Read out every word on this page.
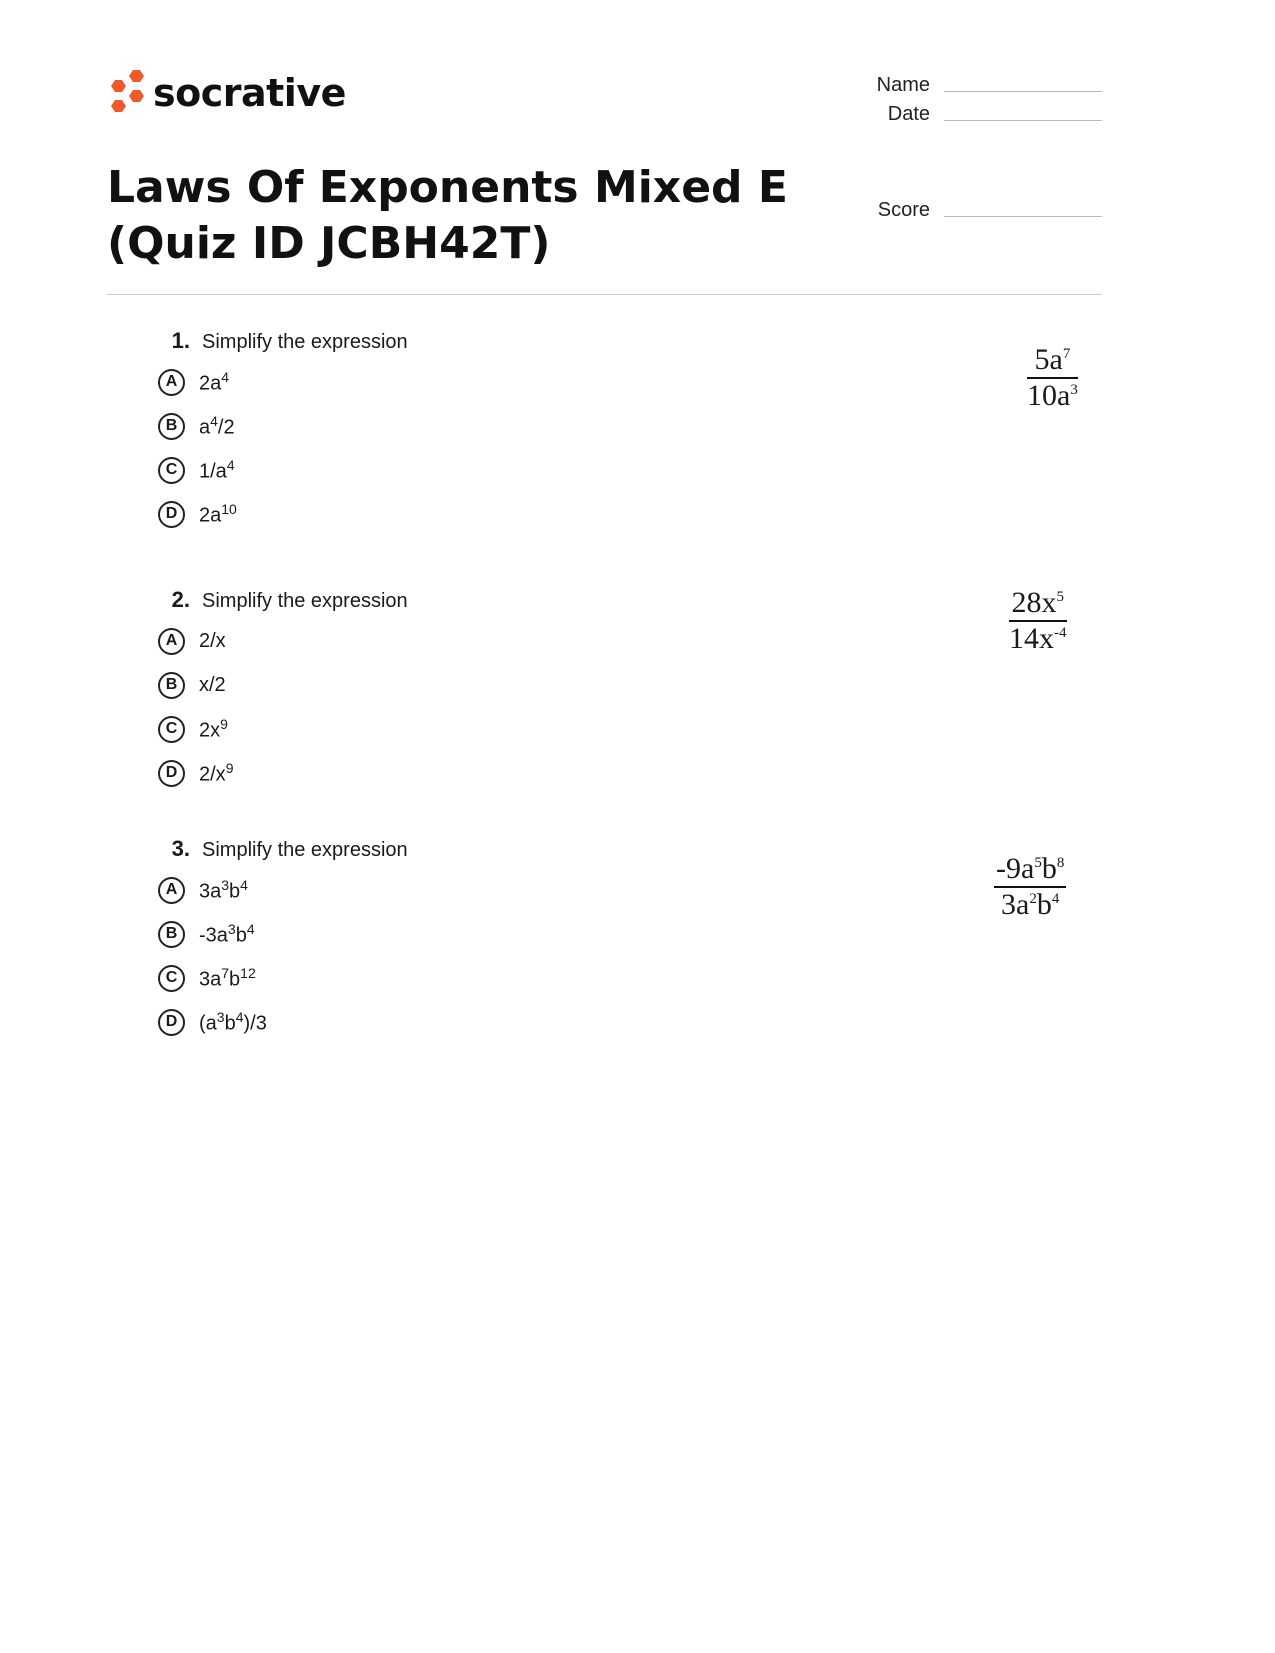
socrative	Name
Date
Score
Laws Of Exponents Mixed E
(Quiz ID JCBH42T)
1. Simplify the expression
A	$2a^4$
B	$a^4/2$
C	$1/a^4$
D	$2a^{10}$
$\frac{5a^7}{10a^3}$
2. Simplify the expression
A	2/x
B	x/2
C	$2x^9$
D	$2/x^9$
$\frac{28x^5}{14x^{-4}}$
3. Simplify the expression
A	$3a^3b^4$
B	$-3a^3b^4$
C	$3a^7b^{12}$
D	$(a^3b^4)/3$
$\frac{-9a^5b^8}{3a^2b^4}$
